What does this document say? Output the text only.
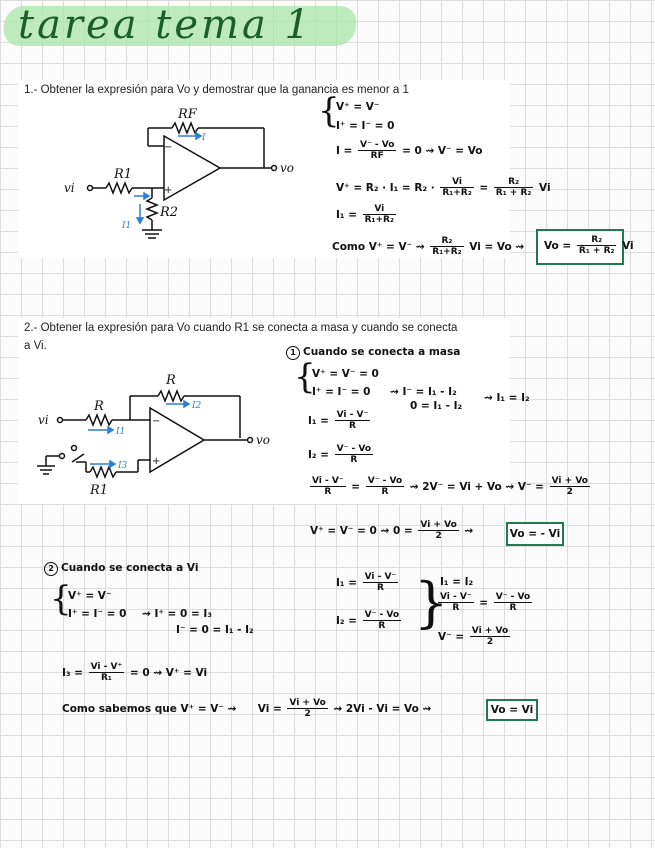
tarea tema 1
1.- Obtener la expresión para Vo y demostrar que la ganancia es menor a 1
−
+
RF
R1
R2
vi
vo
I
I1
{
V⁺ = V⁻
I⁺ = I⁻ = 0
$I = \frac{V^- - Vo}{RF} = 0$ ⇝ V⁻ = Vo
$V^+ = R_2 \cdot I_1 = R_2 \cdot \frac{Vi}{\text{R₁+R₂}} = \frac{\text{R₂}}{\text{R₁ + R₂}}$ Vi
$I_1 = \frac{Vi}{\text{R₁+R₂}}$
Como V⁺ = V⁻ ⇝ $\frac{\text{R₂}}{\text{R₁+R₂}}$ Vi = Vo ⇝	$Vo = \frac{\text{R₂}}{\text{R₁ + R₂}}$ Vi
2.- Obtener la expresión para Vo cuando R1 se conecta a masa y cuando se conecta
a Vi.
−
+
R
R
R1
vi
vo
I2
I1
I3
1 Cuando se conecta a masa
{
V⁺ = V⁻ = 0
I⁺ = I⁻ = 0 ⇝ I⁻ = I₁ - I₂
0 = I₁ - I₂
⇝ I₁ = I₂
$I_1 = \frac{Vi - V^-}{R}$
$I_2 = \frac{V^- - Vo}{R}$
$\frac{Vi - V^-}{R} = \frac{V^- - Vo}{R}$ ⇝ 2V⁻ = Vi + Vo ⇝ $V^- = \frac{Vi + Vo}{2}$
V⁺ = V⁻ = 0 ⇝ $0 = \frac{Vi + Vo}{2}$ ⇝	Vo = - Vi
2 Cuando se conecta a Vi
{
V⁺ = V⁻
I⁺ = I⁻ = 0 ⇝ I⁺ = 0 = I₃
I⁻ = 0 = I₁ - I₂
$I_1 = \frac{Vi - V^-}{R}$
$I_2 = \frac{V^- - Vo}{R}$ }
I₁ = I₂
$\frac{Vi - V^-}{R} = \frac{V^- - Vo}{R}$
$V^- = \frac{Vi + Vo}{2}$
$I_3 = \frac{Vi - V^+}{\text{R₁}} = 0$ ⇝ V⁺ = Vi
Como sabemos que V⁺ = V⁻ ⇝ $Vi = \frac{Vi + Vo}{2}$ ⇝ 2Vi - Vi = Vo ⇝	Vo = Vi
